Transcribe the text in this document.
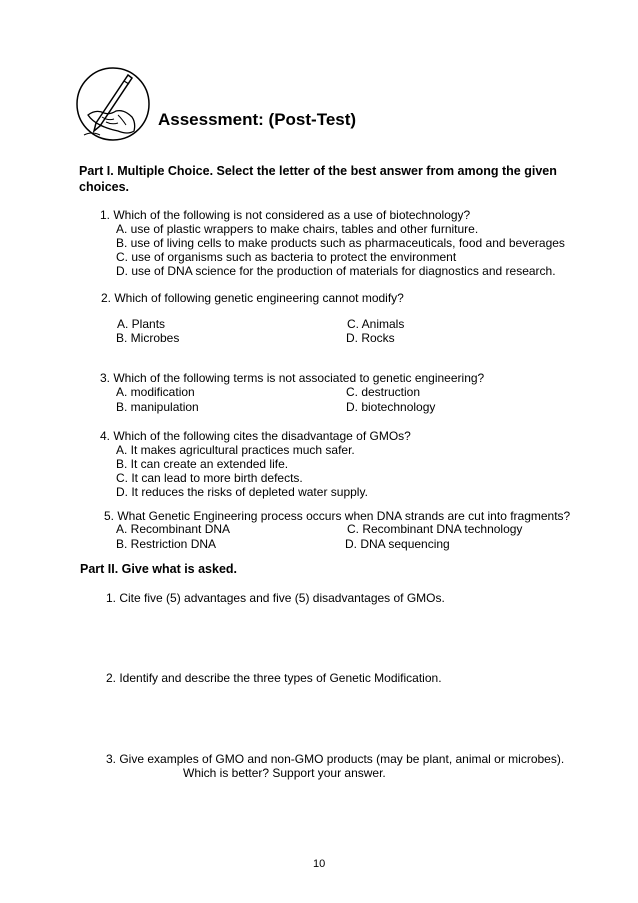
Assessment: (Post-Test)
Part I. Multiple Choice. Select the letter of the best answer from among the given
choices.
1. Which of the following is not considered as a use of biotechnology?
A. use of plastic wrappers to make chairs, tables and other furniture.
B. use of living cells to make products such as pharmaceuticals, food and beverages
C. use of organisms such as bacteria to protect the environment
D. use of DNA science for the production of materials for diagnostics and research.
2. Which of following genetic engineering cannot modify?
A. Plants	C. Animals
B. Microbes	D. Rocks
3. Which of the following terms is not associated to genetic engineering?
A. modification	C. destruction
B. manipulation	D. biotechnology
4. Which of the following cites the disadvantage of GMOs?
A. It makes agricultural practices much safer.
B. It can create an extended life.
C. It can lead to more birth defects.
D. It reduces the risks of depleted water supply.
5. What Genetic Engineering process occurs when DNA strands are cut into fragments?
A. Recombinant DNA	C. Recombinant DNA technology
B. Restriction DNA	D. DNA sequencing
Part II. Give what is asked.
1. Cite five (5) advantages and five (5) disadvantages of GMOs.
2. Identify and describe the three types of Genetic Modification.
3. Give examples of GMO and non-GMO products (may be plant, animal or microbes).
Which is better? Support your answer.
10
